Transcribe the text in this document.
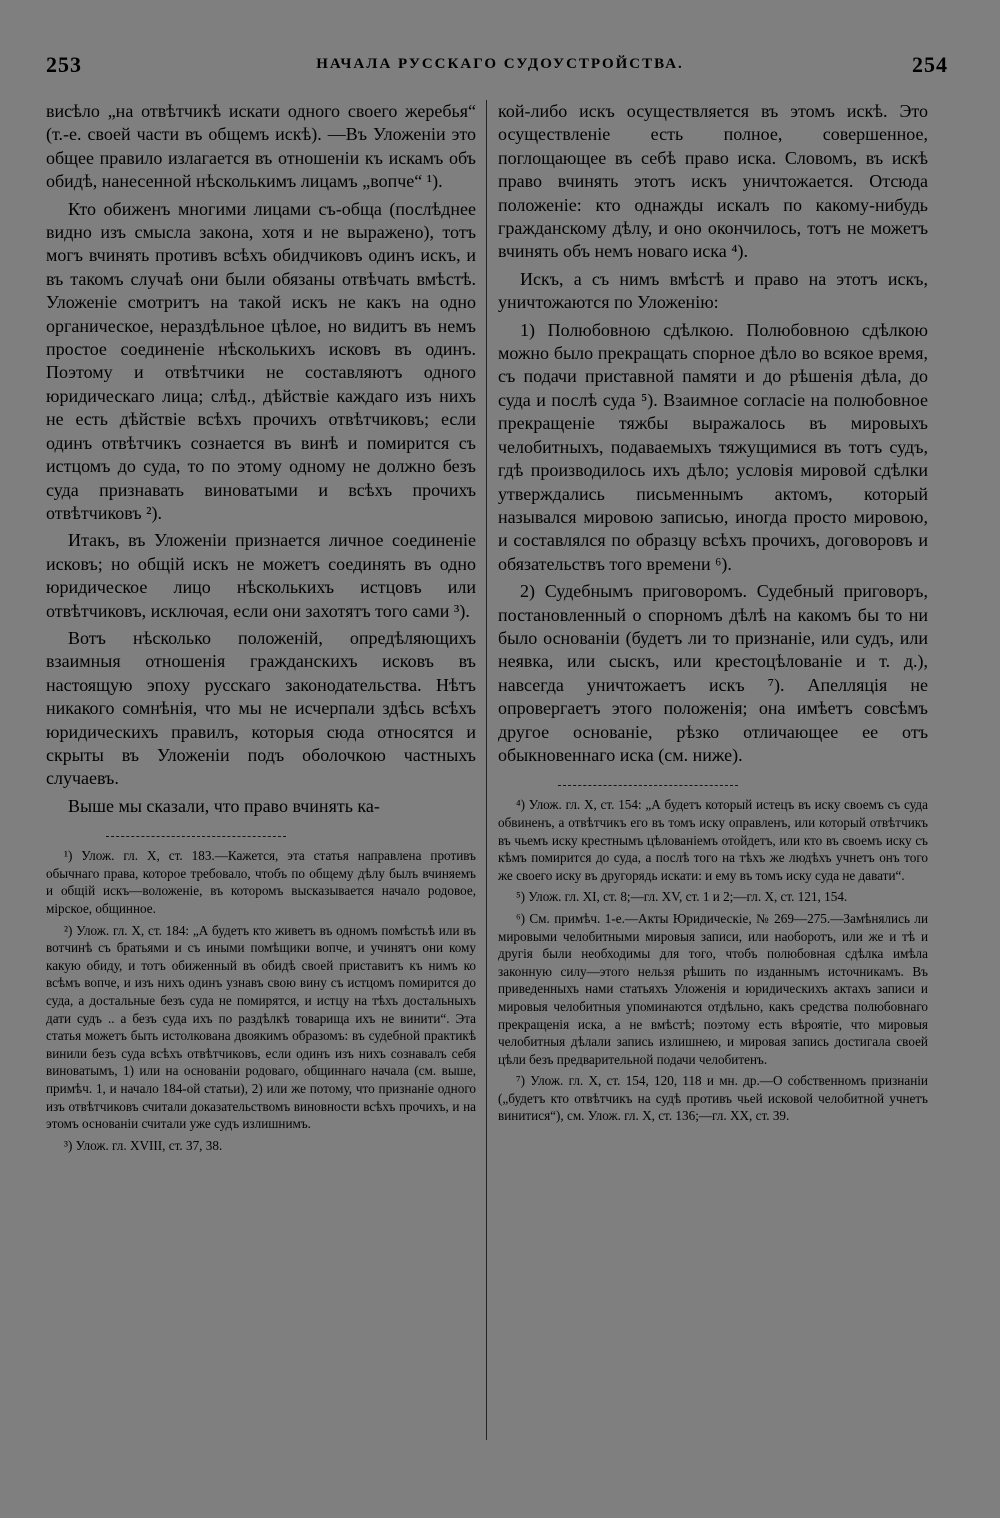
253	НАЧАЛА РУССКАГО СУДОУСТРОЙСТВА.	254

висѣло „на отвѣтчикѣ искати одного своего жеребья“ (т.-е. своей части въ общемъ искѣ). —Въ Уложеніи это общее правило излагается въ отношеніи къ искамъ объ обидѣ, нанесенной нѣсколькимъ лицамъ „вопче“ ¹).

Кто обиженъ многими лицами съ-обща (послѣднее видно изъ смысла закона, хотя и не выражено), тотъ могъ вчинять противъ всѣхъ обидчиковъ одинъ искъ, и въ такомъ случаѣ они были обязаны отвѣчать вмѣстѣ. Уложеніе смотритъ на такой искъ не какъ на одно органическое, нераздѣльное цѣлое, но видитъ въ немъ простое соединеніе нѣсколькихъ исковъ въ одинъ. Поэтому и отвѣтчики не составляютъ одного юридическаго лица; слѣд., дѣйствіе каждаго изъ нихъ не есть дѣйствіе всѣхъ прочихъ отвѣтчиковъ; если одинъ отвѣтчикъ сознается въ винѣ и помирится съ истцомъ до суда, то по этому одному не должно безъ суда признавать виноватыми и всѣхъ прочихъ отвѣтчиковъ ²).

Итакъ, въ Уложеніи признается личное соединеніе исковъ; но общій искъ не можетъ соединять въ одно юридическое лицо нѣсколькихъ истцовъ или отвѣтчиковъ, исключая, если они захотятъ того сами ³).

Вотъ нѣсколько положеній, опредѣляющихъ взаимныя отношенія гражданскихъ исковъ въ настоящую эпоху русскаго законодательства. Нѣтъ никакого сомнѣнія, что мы не исчерпали здѣсь всѣхъ юридическихъ правилъ, которыя сюда относятся и скрыты въ Уложеніи подъ оболочкою частныхъ случаевъ.

Выше мы сказали, что право вчинять ка-

¹) Улож. гл. X, ст. 183.—Кажется, эта статья направлена противъ обычнаго права, которое требовало, чтобъ по общему дѣлу былъ вчиняемъ и общій искъ—воложеніе, въ которомъ высказывается начало родовое, мірское, общинное.

²) Улож. гл. X, ст. 184: „А будетъ кто живетъ въ одномъ помѣстьѣ или въ вотчинѣ съ братьями и съ иными помѣщики вопче, и учинятъ они кому какую обиду, и тотъ обиженный въ обидѣ своей приставитъ къ нимъ ко всѣмъ вопче, и изъ нихъ одинъ узнавъ свою вину съ истцомъ помирится до суда, а достальные безъ суда не помирятся, и истцу на тѣхъ достальныхъ дати судъ .. а безъ суда ихъ по раздѣлкѣ товарища ихъ не винити“. Эта статья можетъ быть истолкована двоякимъ образомъ: въ судебной практикѣ винили безъ суда всѣхъ отвѣтчиковъ, если одинъ изъ нихъ сознавалъ себя виноватымъ, 1) или на основаніи родоваго, общиннаго начала (см. выше, примѣч. 1, и начало 184-ой статьи), 2) или же потому, что признаніе одного изъ отвѣтчиковъ считали доказательствомъ виновности всѣхъ прочихъ, и на этомъ основаніи считали уже судъ излишнимъ.

³) Улож. гл. XVIII, ст. 37, 38.

кой-либо искъ осуществляется въ этомъ искѣ. Это осуществленіе есть полное, совершенное, поглощающее въ себѣ право иска. Словомъ, въ искѣ право вчинять этотъ искъ уничтожается. Отсюда положеніе: кто однажды искалъ по какому-нибудь гражданскому дѣлу, и оно окончилось, тотъ не можетъ вчинять объ немъ новаго иска ⁴).

Искъ, а съ нимъ вмѣстѣ и право на этотъ искъ, уничтожаются по Уложенію:

1) Полюбовною сдѣлкою. Полюбовною сдѣлкою можно было прекращать спорное дѣло во всякое время, съ подачи приставной памяти и до рѣшенія дѣла, до суда и послѣ суда ⁵). Взаимное согласіе на полюбовное прекращеніе тяжбы выражалось въ мировыхъ челобитныхъ, подаваемыхъ тяжущимися въ тотъ судъ, гдѣ производилось ихъ дѣло; условія мировой сдѣлки утверждались письменнымъ актомъ, который назывался мировою записью, иногда просто мировою, и составлялся по образцу всѣхъ прочихъ, договоровъ и обязательствъ того времени ⁶).

2) Судебнымъ приговоромъ. Судебный приговоръ, постановленный о спорномъ дѣлѣ на какомъ бы то ни было основаніи (будетъ ли то признаніе, или судъ, или неявка, или сыскъ, или крестоцѣлованіе и т. д.), навсегда уничтожаетъ искъ ⁷). Апелляція не опровергаетъ этого положенія; она имѣетъ совсѣмъ другое основаніе, рѣзко отличающее ее отъ обыкновеннаго иска (см. ниже).

⁴) Улож. гл. X, ст. 154: „А будетъ который истецъ въ иску своемъ съ суда обвиненъ, а отвѣтчикъ его въ томъ иску оправленъ, или который отвѣтчикъ въ чьемъ иску крестнымъ цѣлованіемъ отойдетъ, или кто въ своемъ иску съ кѣмъ помирится до суда, а послѣ того на тѣхъ же людѣхъ учнетъ онъ того же своего иску въ другорядь искати: и ему въ томъ иску суда не давати“.

⁵) Улож. гл. XI, ст. 8;—гл. XV, ст. 1 и 2;—гл. X, ст. 121, 154.

⁶) См. примѣч. 1-е.—Акты Юридическіе, № 269—275.—Замѣнялись ли мировыми челобитными мировыя записи, или наоборотъ, или же и тѣ и другія были необходимы для того, чтобъ полюбовная сдѣлка имѣла законную силу—этого нельзя рѣшить по изданнымъ источникамъ. Въ приведенныхъ нами статьяхъ Уложенія и юридическихъ актахъ записи и мировыя челобитныя упоминаются отдѣльно, какъ средства полюбовнаго прекращенія иска, а не вмѣстѣ; поэтому есть вѣроятіе, что мировыя челобитныя дѣлали запись излишнею, и мировая запись достигала своей цѣли безъ предварительной подачи челобитенъ.

⁷) Улож. гл. X, ст. 154, 120, 118 и мн. др.—О собственномъ признаніи („будетъ кто отвѣтчикъ на судѣ противъ чьей исковой челобитной учнетъ винитися“), см. Улож. гл. X, ст. 136;—гл. XX, ст. 39.
